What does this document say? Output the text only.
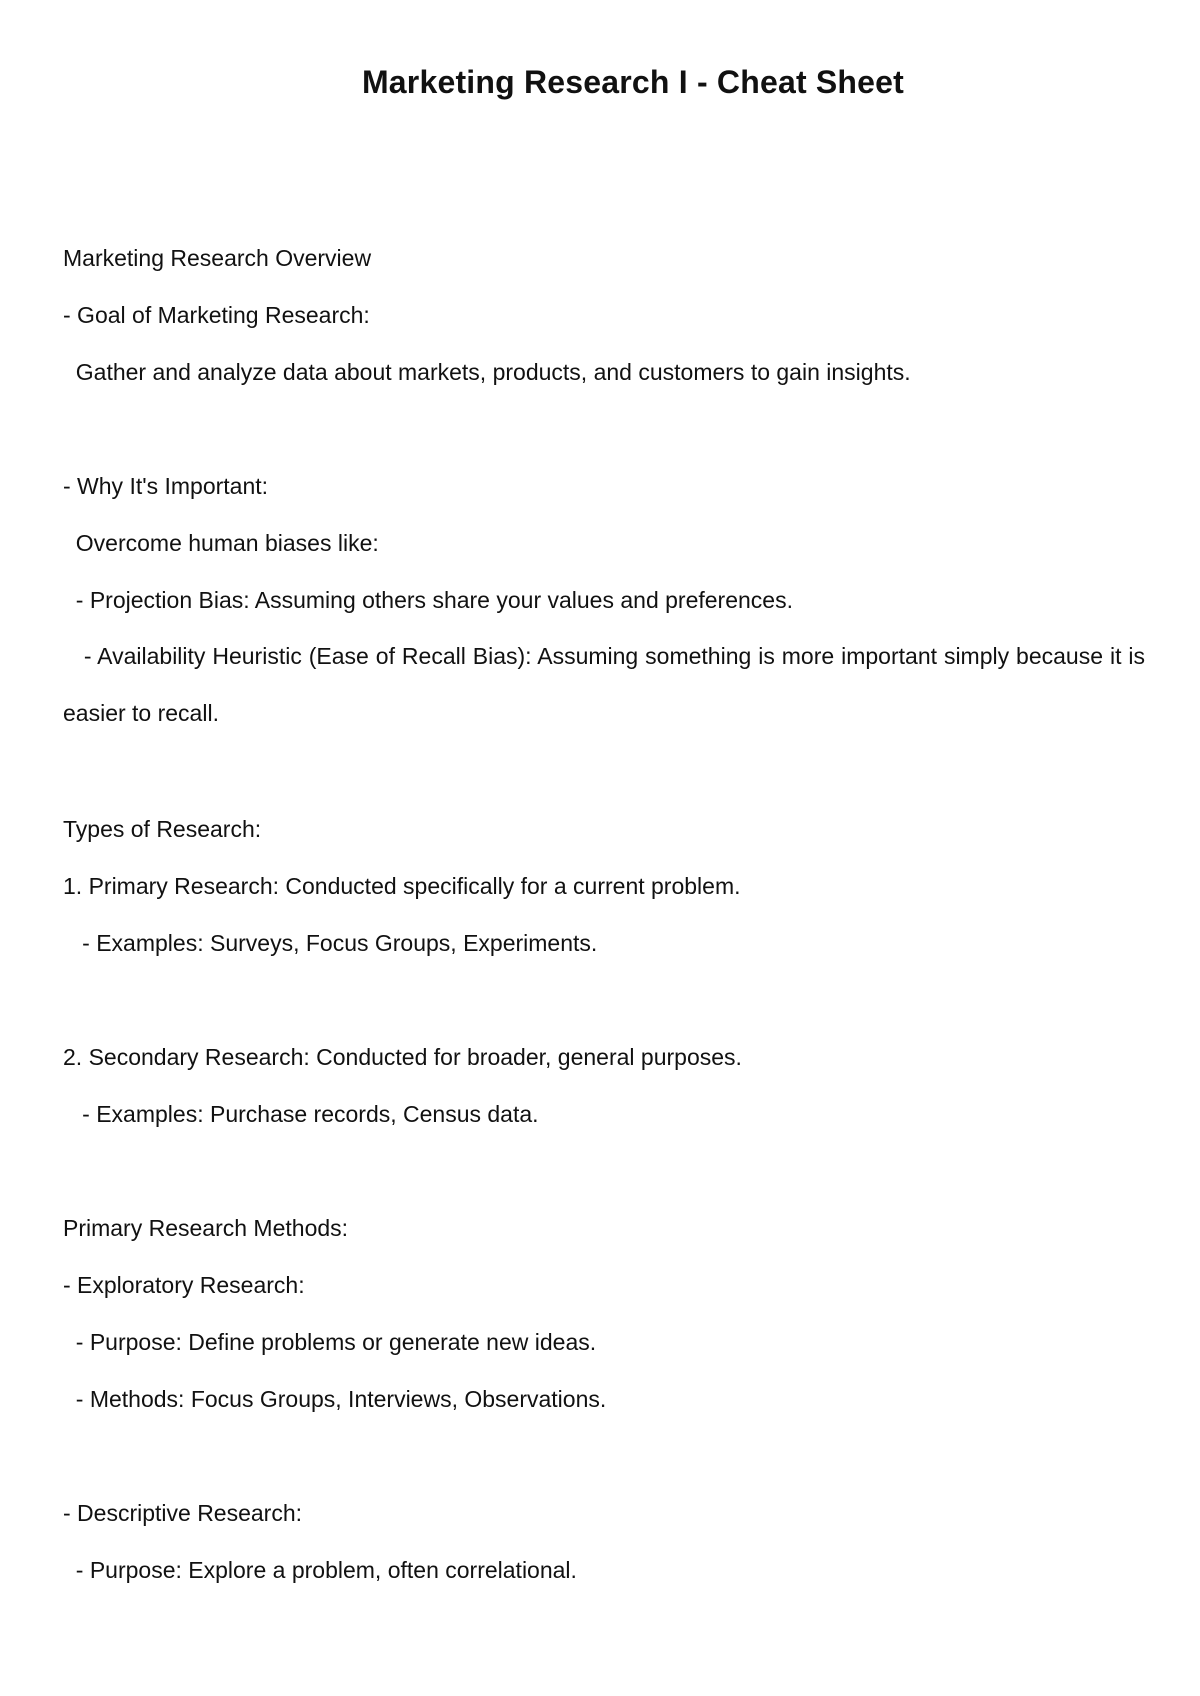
Marketing Research I - Cheat Sheet
Marketing Research Overview
- Goal of Marketing Research:
Gather and analyze data about markets, products, and customers to gain insights.
- Why It's Important:
Overcome human biases like:
- Projection Bias: Assuming others share your values and preferences.
- Availability Heuristic (Ease of Recall Bias): Assuming something is more important simply because it is easier to recall.
Types of Research:
1. Primary Research: Conducted specifically for a current problem.
- Examples: Surveys, Focus Groups, Experiments.
2. Secondary Research: Conducted for broader, general purposes.
- Examples: Purchase records, Census data.
Primary Research Methods:
- Exploratory Research:
- Purpose: Define problems or generate new ideas.
- Methods: Focus Groups, Interviews, Observations.
- Descriptive Research:
- Purpose: Explore a problem, often correlational.
